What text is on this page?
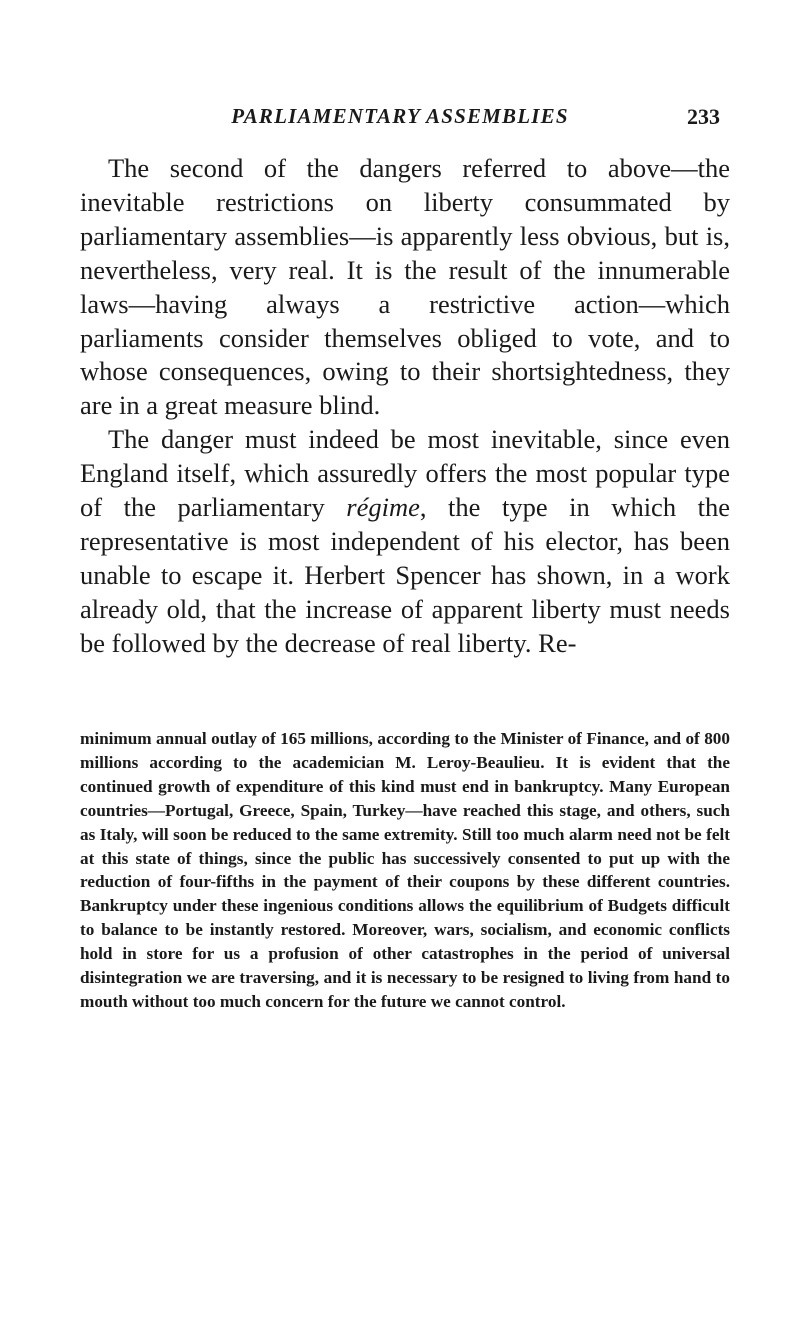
PARLIAMENTARY ASSEMBLIES	233

The second of the dangers referred to above—the inevitable restrictions on liberty consummated by parliamentary assemblies—is apparently less obvious, but is, nevertheless, very real. It is the result of the innumerable laws—having always a restrictive action—which parliaments consider themselves obliged to vote, and to whose consequences, owing to their shortsightedness, they are in a great measure blind.

The danger must indeed be most inevitable, since even England itself, which assuredly offers the most popular type of the parliamentary régime, the type in which the representative is most independent of his elector, has been unable to escape it. Herbert Spencer has shown, in a work already old, that the increase of apparent liberty must needs be followed by the decrease of real liberty. Re-

minimum annual outlay of 165 millions, according to the Minister of Finance, and of 800 millions according to the academician M. Leroy-Beaulieu. It is evident that the continued growth of expenditure of this kind must end in bankruptcy. Many European countries—Portugal, Greece, Spain, Turkey—have reached this stage, and others, such as Italy, will soon be reduced to the same extremity. Still too much alarm need not be felt at this state of things, since the public has successively consented to put up with the reduction of four-fifths in the payment of their coupons by these different countries. Bankruptcy under these ingenious conditions allows the equilibrium of Budgets difficult to balance to be instantly restored. Moreover, wars, socialism, and economic conflicts hold in store for us a profusion of other catastrophes in the period of universal disintegration we are traversing, and it is necessary to be resigned to living from hand to mouth without too much concern for the future we cannot control.
